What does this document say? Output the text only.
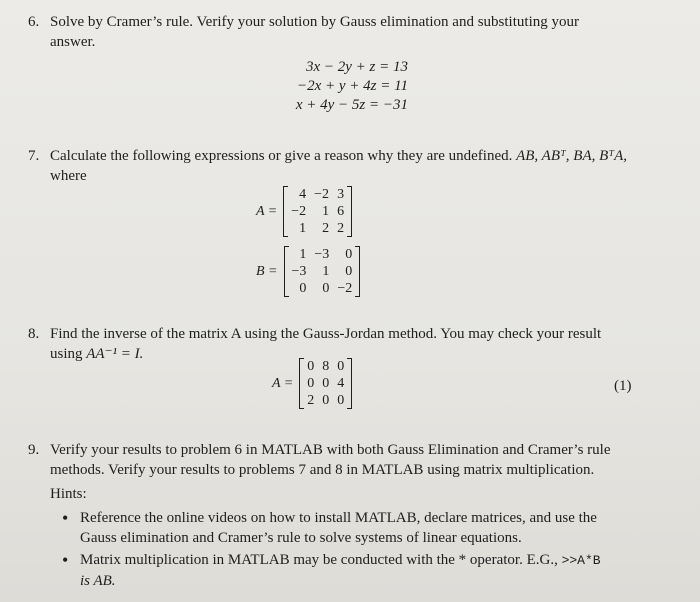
6. Solve by Cramer’s rule. Verify your solution by Gauss elimination and substituting your
answer.
3x − 2y + z = 13
−2x + y + 4z = 11
x + 4y − 5z = −31
7. Calculate the following expressions or give a reason why they are undefined. AB, ABᵀ, BA, BᵀA,
where
A =
4	−2	3
−2	1	6
1	2	2
B =
1	−3	0
−3	1	0
0	0	−2
8. Find the inverse of the matrix A using the Gauss-Jordan method. You may check your result
using AA⁻¹ = I.
A =
0	8	0
0	0	4
2	0	0
(1)
9. Verify your results to problem 6 in MATLAB with both Gauss Elimination and Cramer’s rule
methods. Verify your results to problems 7 and 8 in MATLAB using matrix multiplication.
Hints:
• Reference the online videos on how to install MATLAB, declare matrices, and use the
Gauss elimination and Cramer’s rule to solve systems of linear equations.
• Matrix multiplication in MATLAB may be conducted with the * operator. E.G., >>A*B
is AB.
